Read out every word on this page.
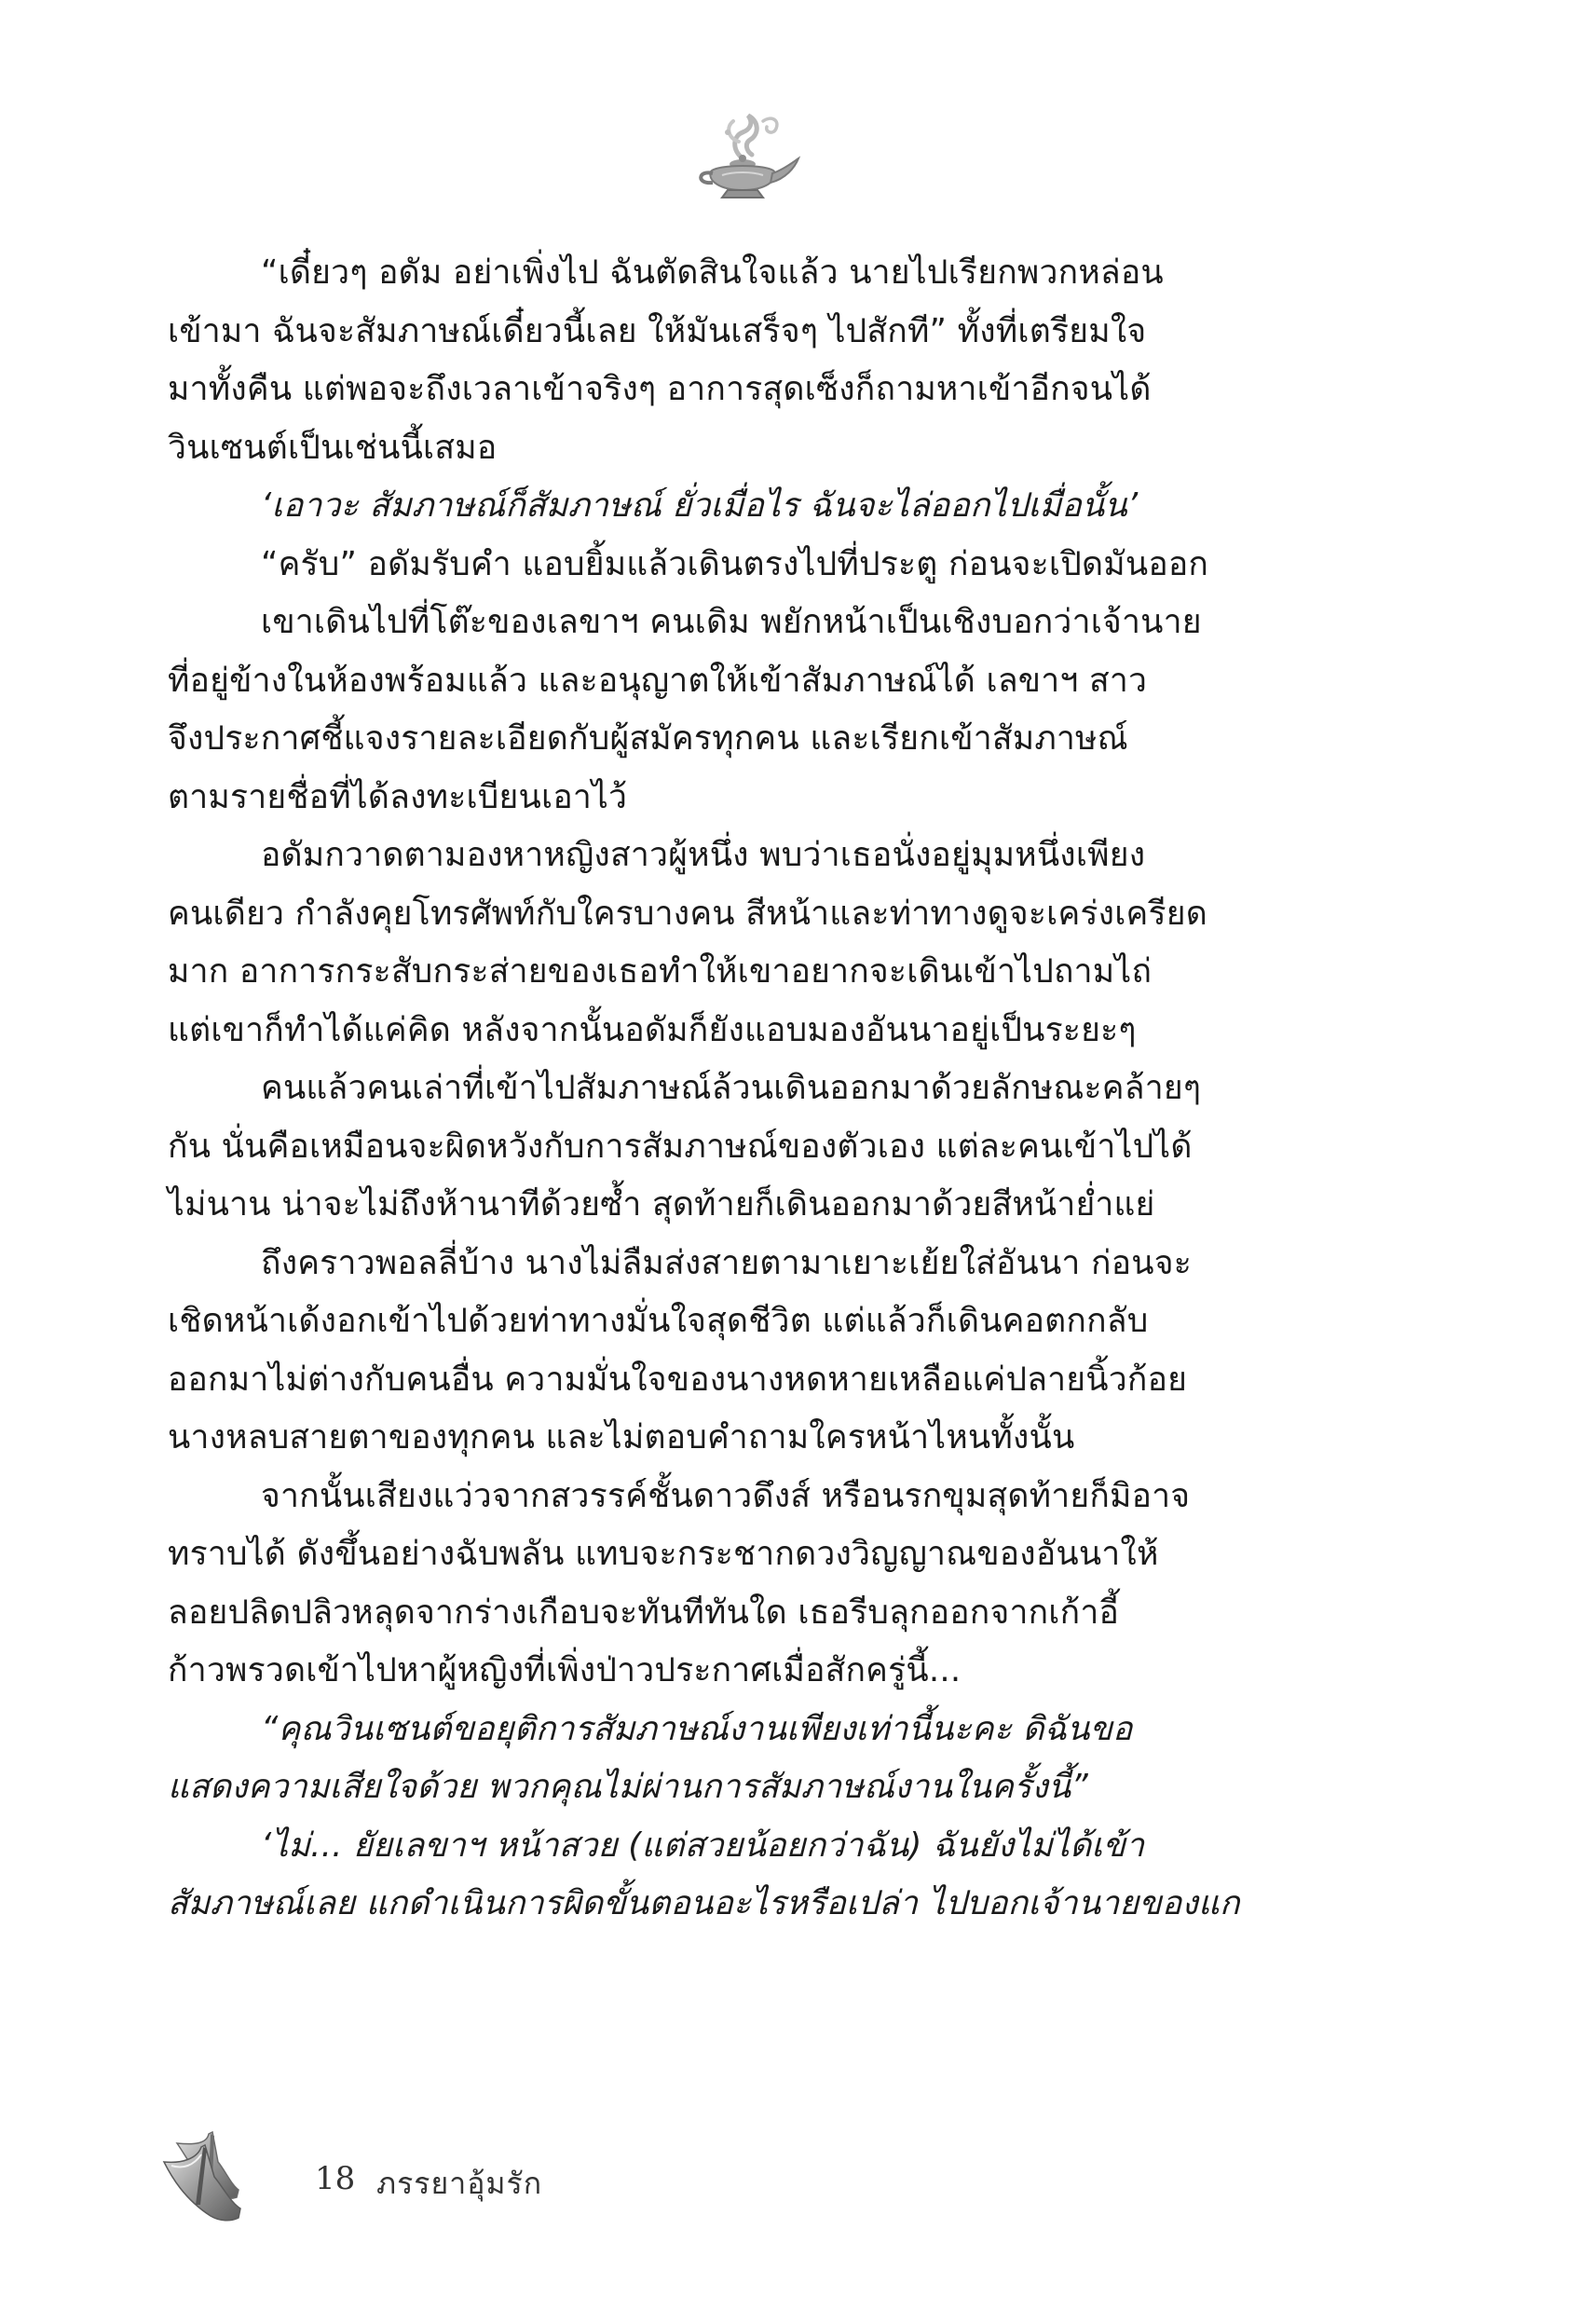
“เดี๋ยวๆ อดัม อย่าเพิ่งไป ฉันตัดสินใจแล้ว นายไปเรียกพวกหล่อน

เข้ามา ฉันจะสัมภาษณ์เดี๋ยวนี้เลย ให้มันเสร็จๆ ไปสักที” ทั้งที่เตรียมใจ

มาทั้งคืน แต่พอจะถึงเวลาเข้าจริงๆ อาการสุดเซ็งก็ถามหาเข้าอีกจนได้

วินเซนต์เป็นเช่นนี้เสมอ

‘เอาวะ สัมภาษณ์ก็สัมภาษณ์ ยั่วเมื่อไร ฉันจะไล่ออกไปเมื่อนั้น’

“ครับ” อดัมรับคำ แอบยิ้มแล้วเดินตรงไปที่ประตู ก่อนจะเปิดมันออก

เขาเดินไปที่โต๊ะของเลขาฯ คนเดิม พยักหน้าเป็นเชิงบอกว่าเจ้านาย

ที่อยู่ข้างในห้องพร้อมแล้ว และอนุญาตให้เข้าสัมภาษณ์ได้ เลขาฯ สาว

จึงประกาศชี้แจงรายละเอียดกับผู้สมัครทุกคน และเรียกเข้าสัมภาษณ์

ตามรายชื่อที่ได้ลงทะเบียนเอาไว้

อดัมกวาดตามองหาหญิงสาวผู้หนึ่ง พบว่าเธอนั่งอยู่มุมหนึ่งเพียง

คนเดียว กำลังคุยโทรศัพท์กับใครบางคน สีหน้าและท่าทางดูจะเคร่งเครียด

มาก อาการกระสับกระส่ายของเธอทำให้เขาอยากจะเดินเข้าไปถามไถ่

แต่เขาก็ทำได้แค่คิด หลังจากนั้นอดัมก็ยังแอบมองอันนาอยู่เป็นระยะๆ

คนแล้วคนเล่าที่เข้าไปสัมภาษณ์ล้วนเดินออกมาด้วยลักษณะคล้ายๆ

กัน นั่นคือเหมือนจะผิดหวังกับการสัมภาษณ์ของตัวเอง แต่ละคนเข้าไปได้

ไม่นาน น่าจะไม่ถึงห้านาทีด้วยซ้ำ สุดท้ายก็เดินออกมาด้วยสีหน้าย่ำแย่

ถึงคราวพอลลี่บ้าง นางไม่ลืมส่งสายตามาเยาะเย้ยใส่อันนา ก่อนจะ

เชิดหน้าเด้งอกเข้าไปด้วยท่าทางมั่นใจสุดชีวิต แต่แล้วก็เดินคอตกกลับ

ออกมาไม่ต่างกับคนอื่น ความมั่นใจของนางหดหายเหลือแค่ปลายนิ้วก้อย

นางหลบสายตาของทุกคน และไม่ตอบคำถามใครหน้าไหนทั้งนั้น

จากนั้นเสียงแว่วจากสวรรค์ชั้นดาวดึงส์ หรือนรกขุมสุดท้ายก็มิอาจ

ทราบได้ ดังขึ้นอย่างฉับพลัน แทบจะกระชากดวงวิญญาณของอันนาให้

ลอยปลิดปลิวหลุดจากร่างเกือบจะทันทีทันใด เธอรีบลุกออกจากเก้าอี้

ก้าวพรวดเข้าไปหาผู้หญิงที่เพิ่งป่าวประกาศเมื่อสักครู่นี้...

“คุณวินเซนต์ขอยุติการสัมภาษณ์งานเพียงเท่านี้นะคะ ดิฉันขอ

แสดงความเสียใจด้วย พวกคุณไม่ผ่านการสัมภาษณ์งานในครั้งนี้”

‘ไม่... ยัยเลขาฯ หน้าสวย (แต่สวยน้อยกว่าฉัน) ฉันยังไม่ได้เข้า

สัมภาษณ์เลย แกดำเนินการผิดขั้นตอนอะไรหรือเปล่า ไปบอกเจ้านายของแก

18 ภรรยาอุ้มรัก
